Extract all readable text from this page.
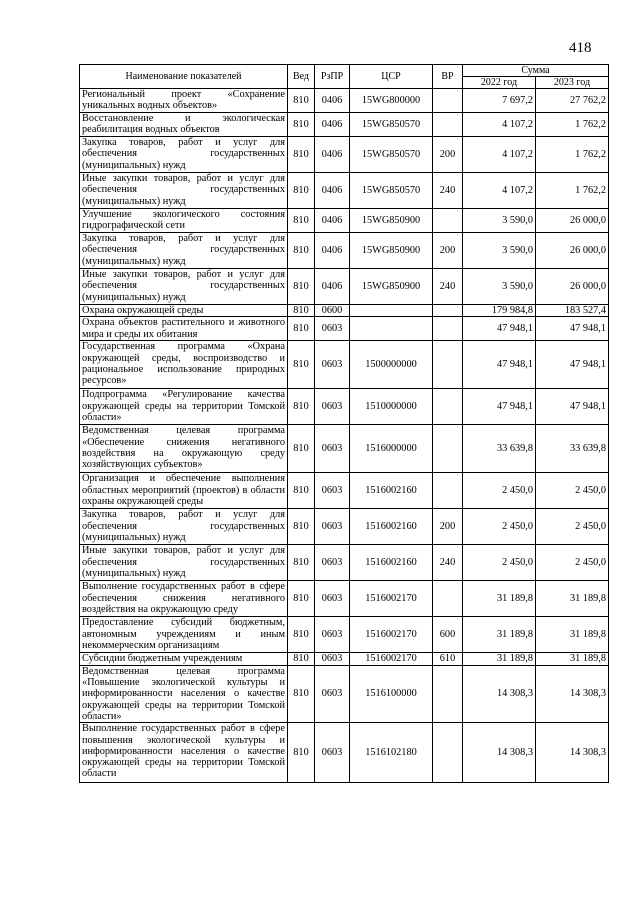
418
Наименование показателей	Вед	РзПР	ЦСР	ВР	Сумма	
					2022 год	2023 год
Региональный проект «Сохранение уникальных водных объектов»	810	0406	15WG800000		7 697,2	27 762,2
Восстановление и экологическая реабилитация водных объектов	810	0406	15WG850570		4 107,2	1 762,2
Закупка товаров, работ и услуг для обеспечения государственных (муниципальных) нужд	810	0406	15WG850570	200	4 107,2	1 762,2
Иные закупки товаров, работ и услуг для обеспечения государственных (муниципальных) нужд	810	0406	15WG850570	240	4 107,2	1 762,2
Улучшение экологического состояния гидрографической сети	810	0406	15WG850900		3 590,0	26 000,0
Закупка товаров, работ и услуг для обеспечения государственных (муниципальных) нужд	810	0406	15WG850900	200	3 590,0	26 000,0
Иные закупки товаров, работ и услуг для обеспечения государственных (муниципальных) нужд	810	0406	15WG850900	240	3 590,0	26 000,0
Охрана окружающей среды	810	0600			179 984,8	183 527,4
Охрана объектов растительного и животного мира и среды их обитания	810	0603			47 948,1	47 948,1
Государственная программа «Охрана окружающей среды, воспроизводство и рациональное использование природных ресурсов»	810	0603	1500000000		47 948,1	47 948,1
Подпрограмма «Регулирование качества окружающей среды на территории Томской области»	810	0603	1510000000		47 948,1	47 948,1
Ведомственная целевая программа «Обеспечение снижения негативного воздействия на окружающую среду хозяйствующих субъектов»	810	0603	1516000000		33 639,8	33 639,8
Организация и обеспечение выполнения областных мероприятий (проектов) в области охраны окружающей среды	810	0603	1516002160		2 450,0	2 450,0
Закупка товаров, работ и услуг для обеспечения государственных (муниципальных) нужд	810	0603	1516002160	200	2 450,0	2 450,0
Иные закупки товаров, работ и услуг для обеспечения государственных (муниципальных) нужд	810	0603	1516002160	240	2 450,0	2 450,0
Выполнение государственных работ в сфере обеспечения снижения негативного воздействия на окружающую среду	810	0603	1516002170		31 189,8	31 189,8
Предоставление субсидий бюджетным, автономным учреждениям и иным некоммерческим организациям	810	0603	1516002170	600	31 189,8	31 189,8
Субсидии бюджетным учреждениям	810	0603	1516002170	610	31 189,8	31 189,8
Ведомственная целевая программа «Повышение экологической культуры и информированности населения о качестве окружающей среды на территории Томской области»	810	0603	1516100000		14 308,3	14 308,3
Выполнение государственных работ в сфере повышения экологической культуры и информированности населения о качестве окружающей среды на территории Томской области	810	0603	1516102180		14 308,3	14 308,3
